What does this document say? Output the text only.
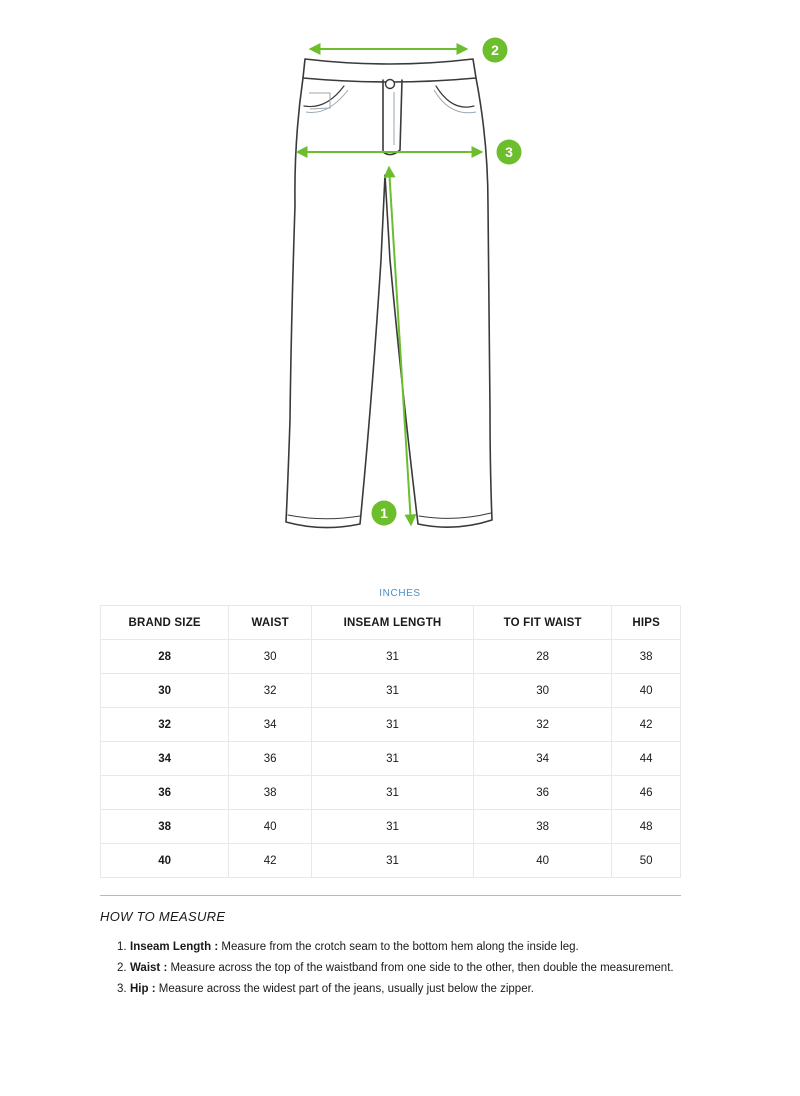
2
3
1
INCHES
BRAND SIZE	WAIST	INSEAM LENGTH	TO FIT WAIST	HIPS
28	30	31	28	38
30	32	31	30	40
32	34	31	32	42
34	36	31	34	44
36	38	31	36	46
38	40	31	38	48
40	42	31	40	50
HOW TO MEASURE
1. Inseam Length : Measure from the crotch seam to the bottom hem along the inside leg.
2. Waist : Measure across the top of the waistband from one side to the other, then double the measurement.
3. Hip : Measure across the widest part of the jeans, usually just below the zipper.
